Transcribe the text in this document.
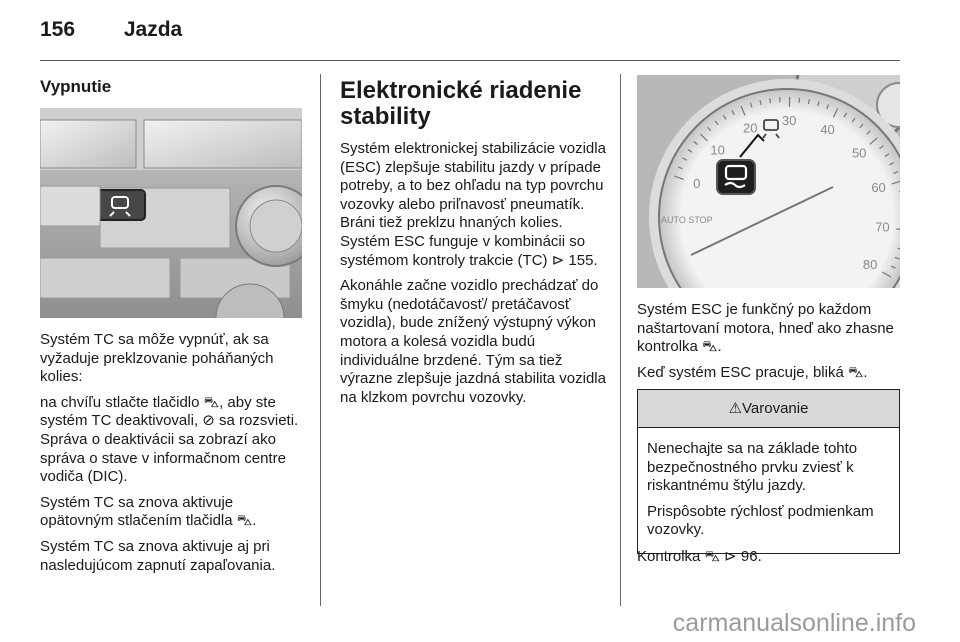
156 Jazda
Vypnutie

Systém TC sa môže vypnúť, ak sa vyžaduje preklzovanie poháňaných kolies:

na chvíľu stlačte tlačidlo ⛍, aby ste systém TC deaktivovali, ⊘ sa rozsvieti. Správa o deaktivácii sa zobrazí ako správa o stave v informačnom centre vodiča (DIC).

Systém TC sa znova aktivuje opätovným stlačením tlačidla ⛍.

Systém TC sa znova aktivuje aj pri nasledujúcom zapnutí zapaľovania.

Elektronické riadenie stability

Systém elektronickej stabilizácie vozidla (ESC) zlepšuje stabilitu jazdy v prípade potreby, a to bez ohľadu na typ povrchu vozovky alebo priľnavosť pneumatík. Bráni tiež preklzu hnaných kolies. Systém ESC funguje v kombinácii so systémom kontroly trakcie (TC) ⊳ 155.

Akonáhle začne vozidlo prechádzať do šmyku (nedotáčavosť/ pretáčavosť vozidla), bude znížený výstupný výkon motora a kolesá vozidla budú individuálne brzdené. Tým sa tiež výrazne zlepšuje jazdná stabilita vozidla na klzkom povrchu vozovky.

0
10
20 30
40
50
60
70
80
AUTO STOP

Systém ESC je funkčný po každom naštartovaní motora, hneď ako zhasne kontrolka ⛍.

Keď systém ESC pracuje, bliká ⛍.

⚠Varovanie

Nenechajte sa na základe tohto bezpečnostného prvku zviesť k riskantnému štýlu jazdy.

Prispôsobte rýchlosť podmienkam vozovky.

Kontrolka ⛍ ⊳ 96.
carmanualsonline.info
